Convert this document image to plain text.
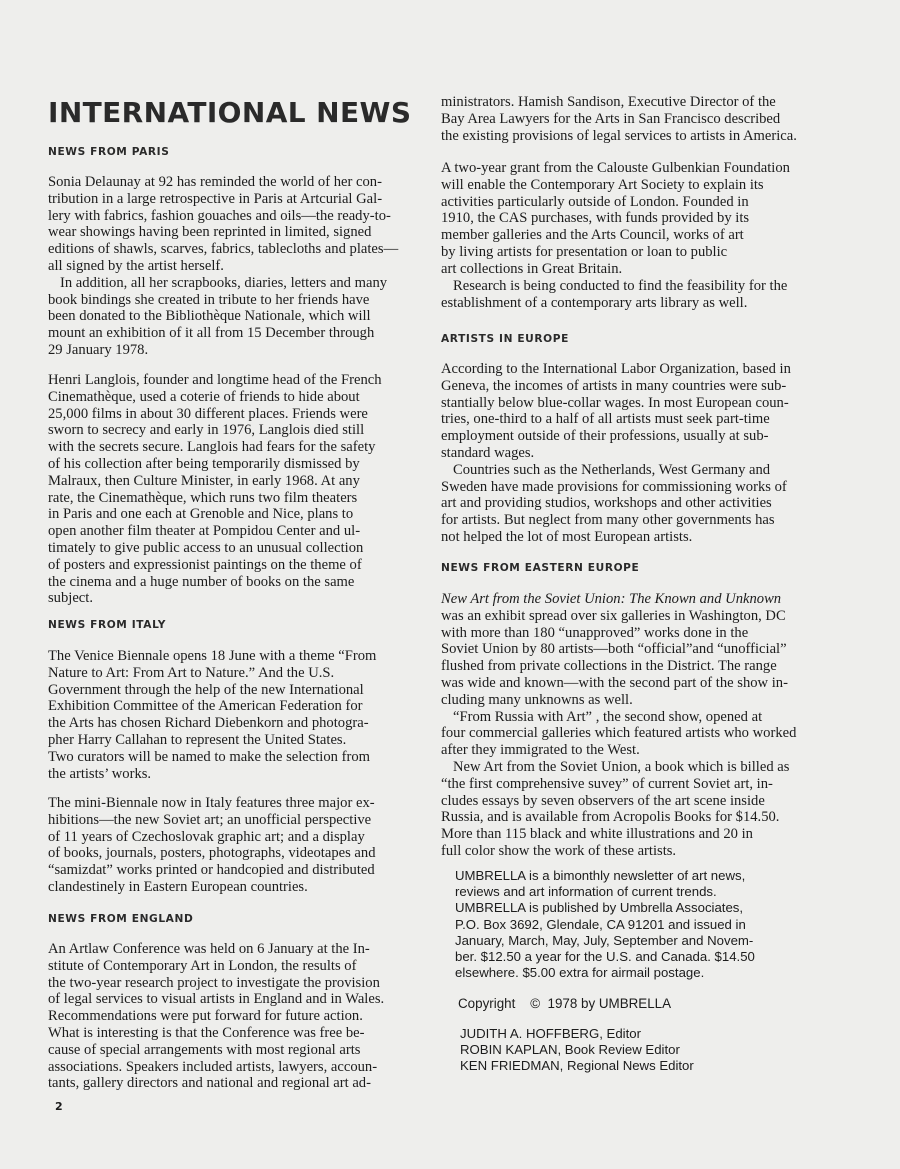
INTERNATIONAL NEWS
NEWS FROM PARIS

Sonia Delaunay at 92 has reminded the world of her con-
tribution in a large retrospective in Paris at Artcurial Gal-
lery with fabrics, fashion gouaches and oils—the ready-to-
wear showings having been reprinted in limited, signed
editions of shawls, scarves, fabrics, tablecloths and plates—
all signed by the artist herself.
In addition, all her scrapbooks, diaries, letters and many
book bindings she created in tribute to her friends have
been donated to the Bibliothèque Nationale, which will
mount an exhibition of it all from 15 December through
29 January 1978.

Henri Langlois, founder and longtime head of the French
Cinemathèque, used a coterie of friends to hide about
25,000 films in about 30 different places. Friends were
sworn to secrecy and early in 1976, Langlois died still
with the secrets secure. Langlois had fears for the safety
of his collection after being temporarily dismissed by
Malraux, then Culture Minister, in early 1968. At any
rate, the Cinemathèque, which runs two film theaters
in Paris and one each at Grenoble and Nice, plans to
open another film theater at Pompidou Center and ul-
timately to give public access to an unusual collection
of posters and expressionist paintings on the theme of
the cinema and a huge number of books on the same
subject.

NEWS FROM ITALY

The Venice Biennale opens 18 June with a theme “From
Nature to Art: From Art to Nature.” And the U.S.
Government through the help of the new International
Exhibition Committee of the American Federation for
the Arts has chosen Richard Diebenkorn and photogra-
pher Harry Callahan to represent the United States.
Two curators will be named to make the selection from
the artists’ works.

The mini-Biennale now in Italy features three major ex-
hibitions—the new Soviet art; an unofficial perspective
of 11 years of Czechoslovak graphic art; and a display
of books, journals, posters, photographs, videotapes and
“samizdat” works printed or handcopied and distributed
clandestinely in Eastern European countries.

NEWS FROM ENGLAND

An Artlaw Conference was held on 6 January at the In-
stitute of Contemporary Art in London, the results of
the two-year research project to investigate the provision
of legal services to visual artists in England and in Wales.
Recommendations were put forward for future action.
What is interesting is that the Conference was free be-
cause of special arrangements with most regional arts
associations. Speakers included artists, lawyers, accoun-
tants, gallery directors and national and regional art ad-

2

ministrators. Hamish Sandison, Executive Director of the
Bay Area Lawyers for the Arts in San Francisco described
the existing provisions of legal services to artists in America.

A two-year grant from the Calouste Gulbenkian Foundation
will enable the Contemporary Art Society to explain its
activities particularly outside of London. Founded in
1910, the CAS purchases, with funds provided by its
member galleries and the Arts Council, works of art
by living artists for presentation or loan to public
art collections in Great Britain.

Research is being conducted to find the feasibility for the
establishment of a contemporary arts library as well.

ARTISTS IN EUROPE

According to the International Labor Organization, based in
Geneva, the incomes of artists in many countries were sub-
stantially below blue-collar wages. In most European coun-
tries, one-third to a half of all artists must seek part-time
employment outside of their professions, usually at sub-
standard wages.
Countries such as the Netherlands, West Germany and
Sweden have made provisions for commissioning works of
art and providing studios, workshops and other activities
for artists. But neglect from many other governments has
not helped the lot of most European artists.

NEWS FROM EASTERN EUROPE

New Art from the Soviet Union: The Known and Unknown
was an exhibit spread over six galleries in Washington, DC
with more than 180 “unapproved” works done in the
Soviet Union by 80 artists—both “official”and “unofficial”
flushed from private collections in the District. The range
was wide and known—with the second part of the show in-
cluding many unknowns as well.
“From Russia with Art” , the second show, opened at
four commercial galleries which featured artists who worked
after they immigrated to the West.
New Art from the Soviet Union, a book which is billed as
“the first comprehensive suvey” of current Soviet art, in-
cludes essays by seven observers of the art scene inside
Russia, and is available from Acropolis Books for $14.50.
More than 115 black and white illustrations and 20 in
full color show the work of these artists.

UMBRELLA is a bimonthly newsletter of art news,
reviews and art information of current trends.
UMBRELLA is published by Umbrella Associates,
P.O. Box 3692, Glendale, CA 91201 and issued in
January, March, May, July, September and Novem-
ber. $12.50 a year for the U.S. and Canada. $14.50
elsewhere. $5.00 extra for airmail postage.

Copyright    ©  1978 by UMBRELLA

JUDITH A. HOFFBERG, Editor
ROBIN KAPLAN, Book Review Editor
KEN FRIEDMAN, Regional News Editor
